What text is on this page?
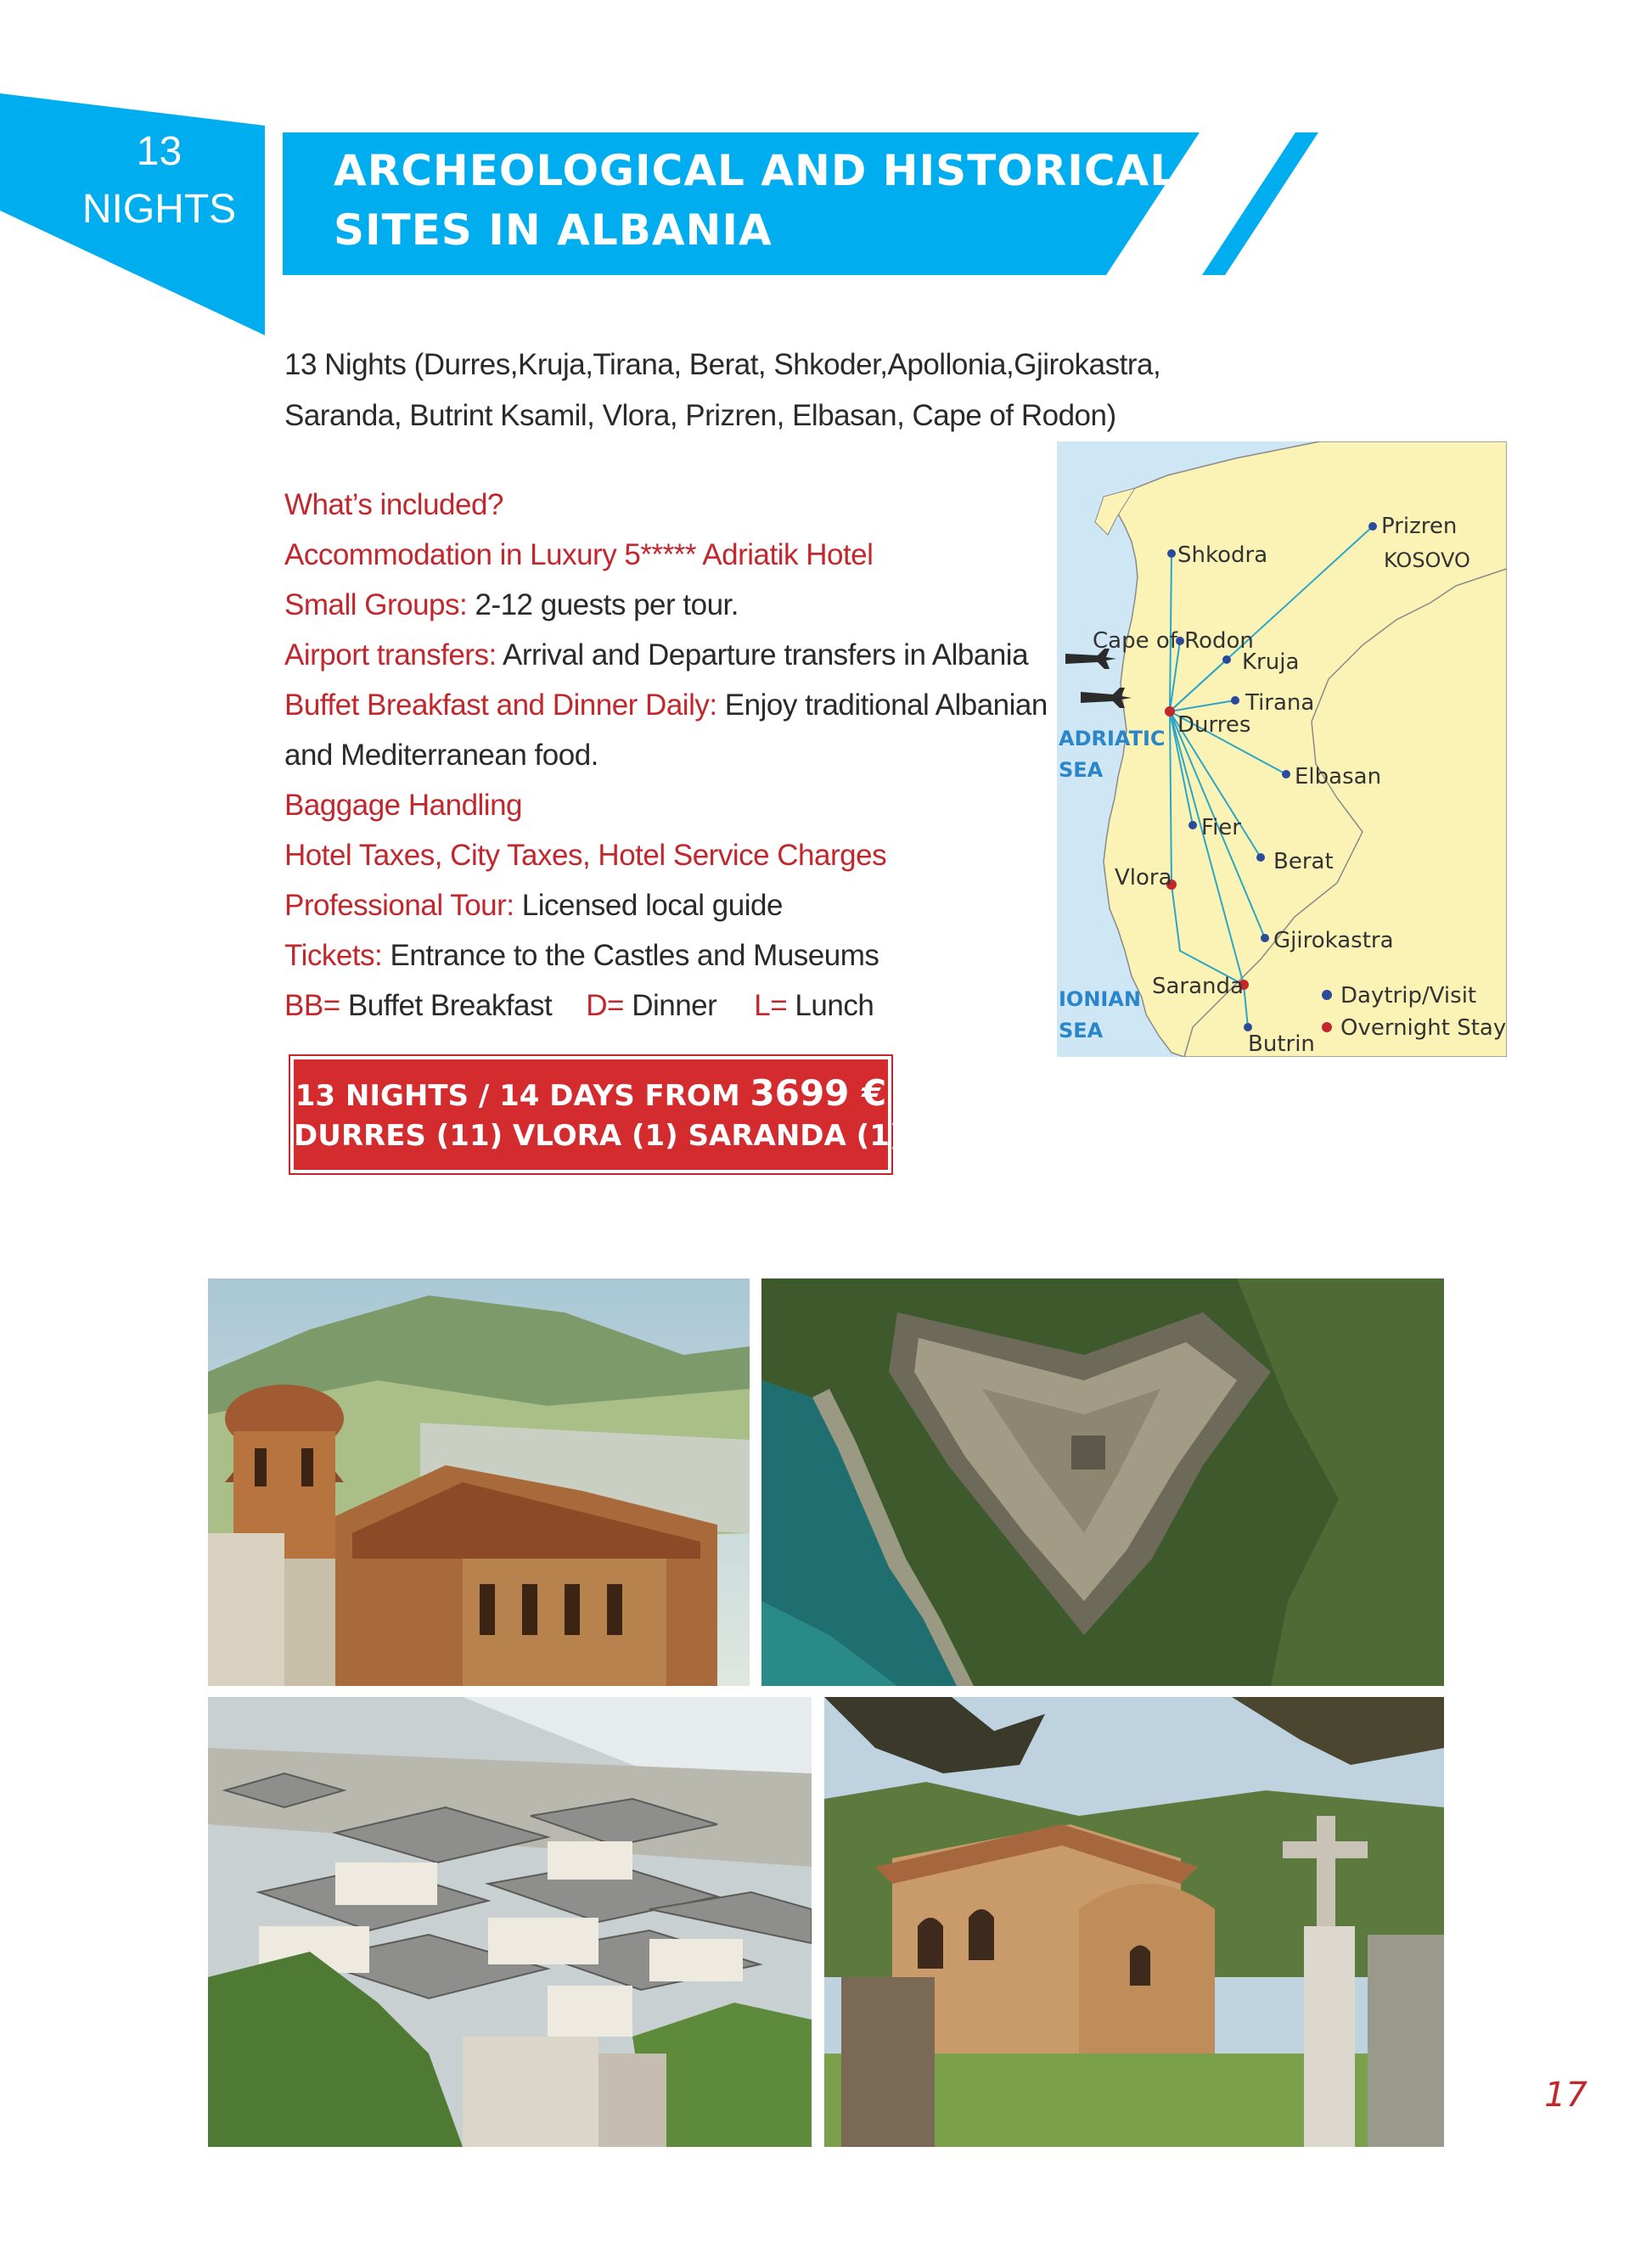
13
NIGHTS
ARCHEOLOGICAL AND HISTORICAL
SITES IN ALBANIA
13 Nights (Durres,Kruja,Tirana, Berat, Shkoder,Apollonia,Gjirokastra,
Saranda, Butrint Ksamil, Vlora, Prizren, Elbasan, Cape of Rodon)
What’s included?
Accommodation in Luxury 5***** Adriatik Hotel
Small Groups: 2-12 guests per tour.
Airport transfers: Arrival and Departure transfers in Albania
Buffet Breakfast and Dinner Daily: Enjoy traditional Albanian
and Mediterranean food.
Baggage Handling
Hotel Taxes, City Taxes, Hotel Service Charges
Professional Tour: Licensed local guide
Tickets: Entrance to the Castles and Museums
BB= Buffet Breakfast D= Dinner L= Lunch
13 NIGHTS / 14 DAYS FROM 3699 €
DURRES (11) VLORA (1) SARANDA (1)
Shkodra
Prizren
KOSOVO
Cape of Rodon
Kruja
Tirana
Durres
Elbasan
Fier
Berat
Vlora
Gjirokastra
Saranda
Butrin
ADRIATIC
SEA
IONIAN
SEA
Daytrip/Visit
Overnight Stay
17
